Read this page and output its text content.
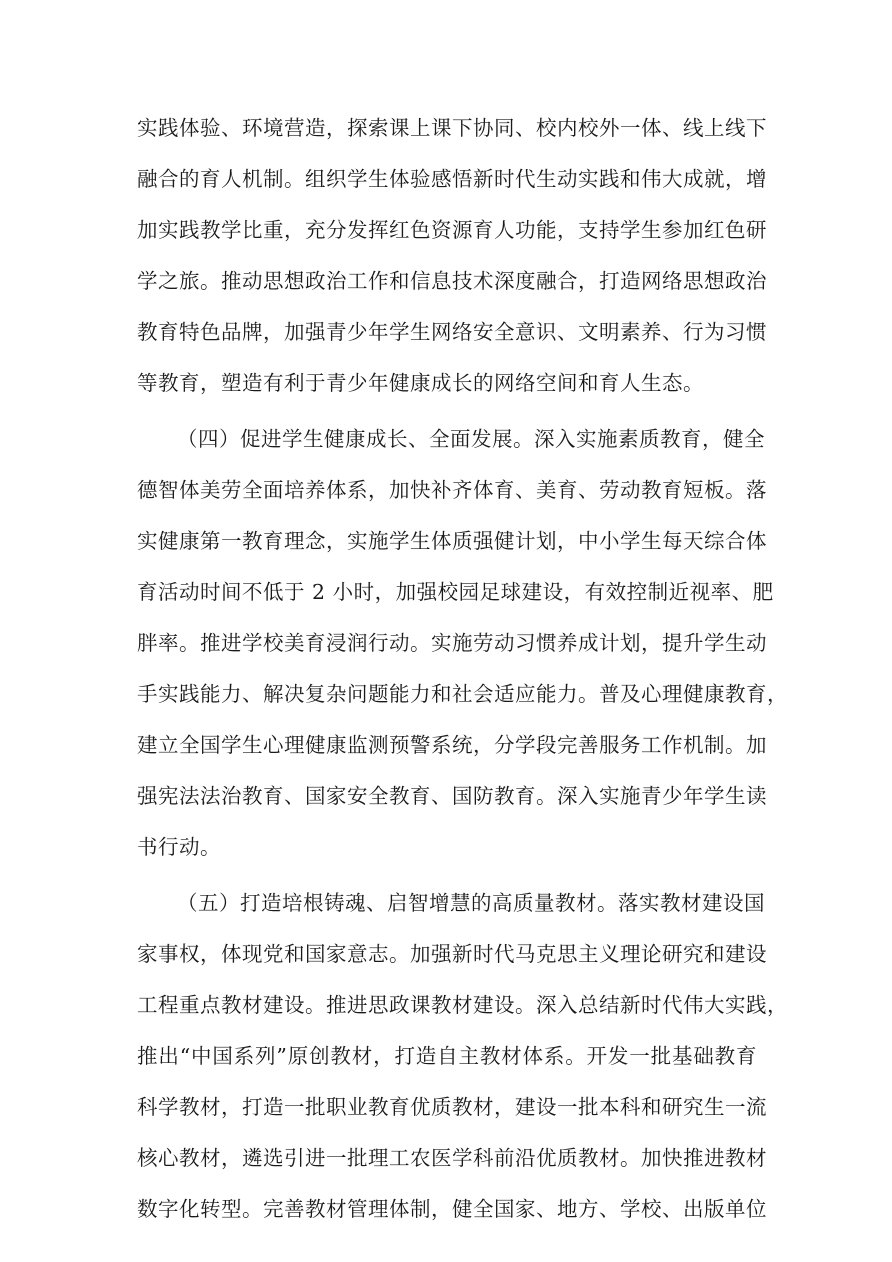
实践体验、环境营造，探索课上课下协同、校内校外一体、线上线下

融合的育人机制。组织学生体验感悟新时代生动实践和伟大成就，增

加实践教学比重，充分发挥红色资源育人功能，支持学生参加红色研

学之旅。推动思想政治工作和信息技术深度融合，打造网络思想政治

教育特色品牌，加强青少年学生网络安全意识、文明素养、行为习惯

等教育，塑造有利于青少年健康成长的网络空间和育人生态。

（四）促进学生健康成长、全面发展。深入实施素质教育，健全

德智体美劳全面培养体系，加快补齐体育、美育、劳动教育短板。落

实健康第一教育理念，实施学生体质强健计划，中小学生每天综合体

育活动时间不低于 2 小时，加强校园足球建设，有效控制近视率、肥

胖率。推进学校美育浸润行动。实施劳动习惯养成计划，提升学生动

手实践能力、解决复杂问题能力和社会适应能力。普及心理健康教育，

建立全国学生心理健康监测预警系统，分学段完善服务工作机制。加

强宪法法治教育、国家安全教育、国防教育。深入实施青少年学生读

书行动。

（五）打造培根铸魂、启智增慧的高质量教材。落实教材建设国

家事权，体现党和国家意志。加强新时代马克思主义理论研究和建设

工程重点教材建设。推进思政课教材建设。深入总结新时代伟大实践，

推出“中国系列”原创教材，打造自主教材体系。开发一批基础教育

科学教材，打造一批职业教育优质教材，建设一批本科和研究生一流

核心教材，遴选引进一批理工农医学科前沿优质教材。加快推进教材

数字化转型。完善教材管理体制，健全国家、地方、学校、出版单位
